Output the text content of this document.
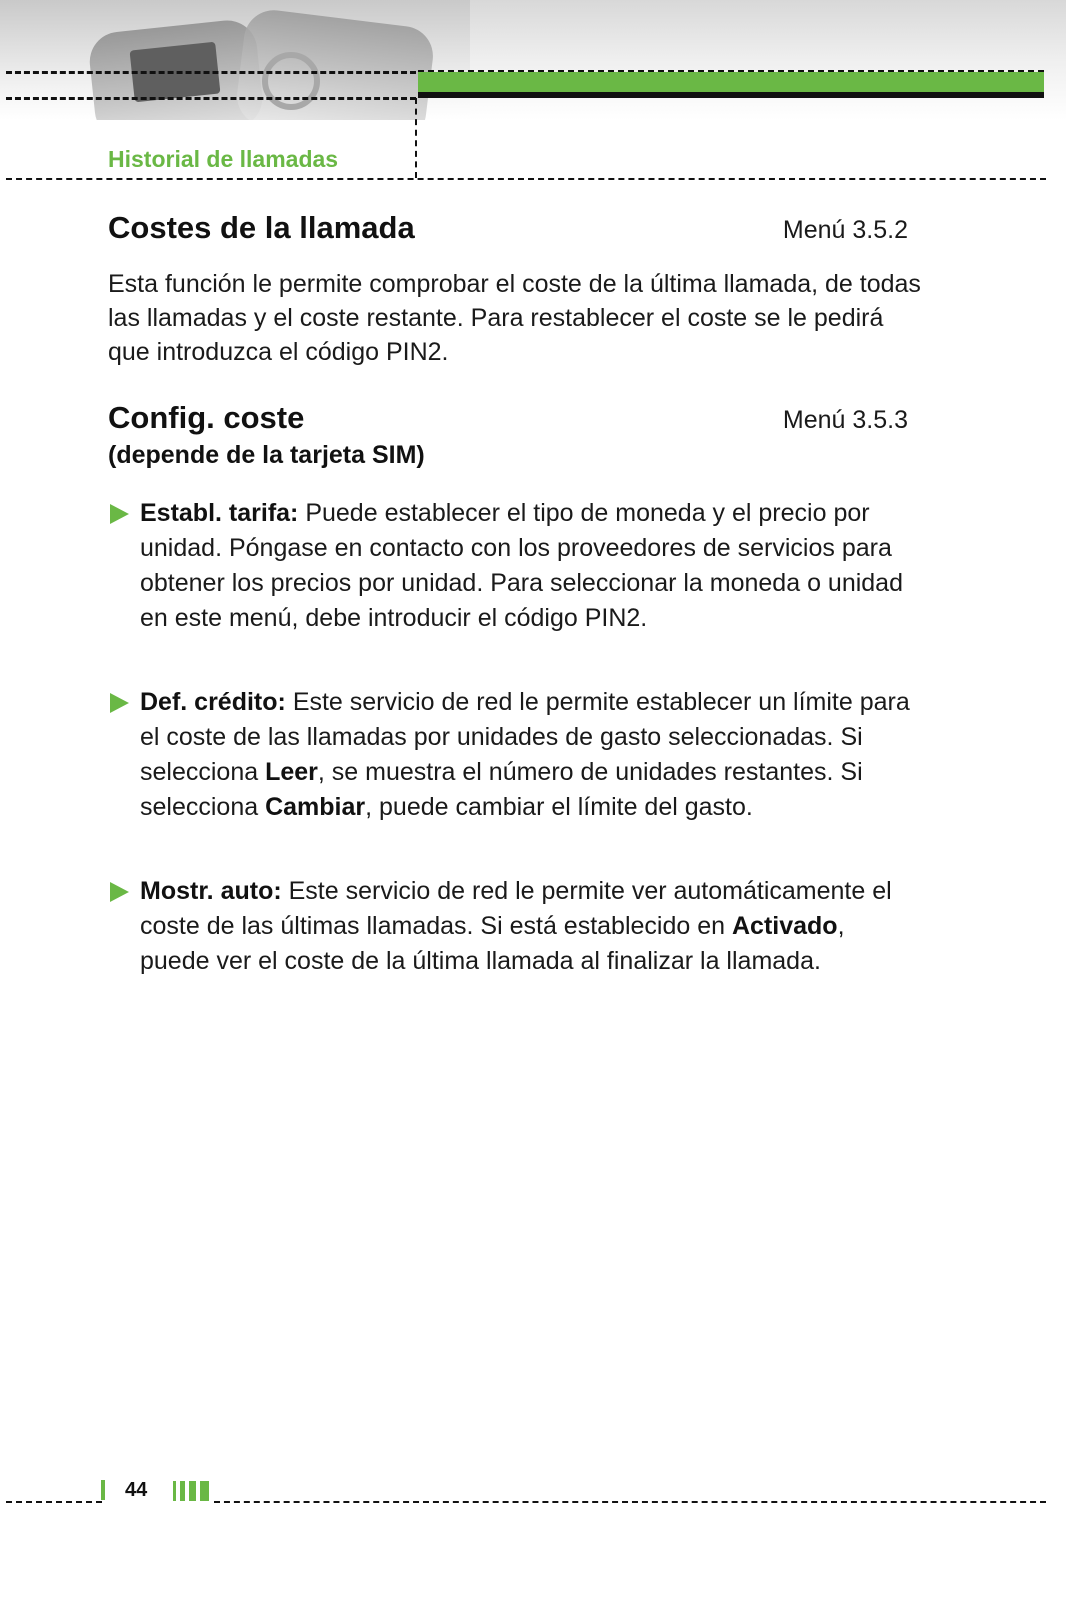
Historial de llamadas
Costes de la llamada	Menú 3.5.2

Esta función le permite comprobar el coste de la última llamada, de todas las llamadas y el coste restante. Para restablecer el coste se le pedirá que introduzca el código PIN2.

Config. coste	Menú 3.5.3
(depende de la tarjeta SIM)
Establ. tarifa: Puede establecer el tipo de moneda y el precio por unidad. Póngase en contacto con los proveedores de servicios para obtener los precios por unidad. Para seleccionar la moneda o unidad en este menú, debe introducir el código PIN2.
Def. crédito: Este servicio de red le permite establecer un límite para el coste de las llamadas por unidades de gasto seleccionadas. Si selecciona Leer, se muestra el número de unidades restantes. Si selecciona Cambiar, puede cambiar el límite del gasto.
Mostr. auto: Este servicio de red le permite ver automáticamente el coste de las últimas llamadas. Si está establecido en Activado, puede ver el coste de la última llamada al finalizar la llamada.
44
